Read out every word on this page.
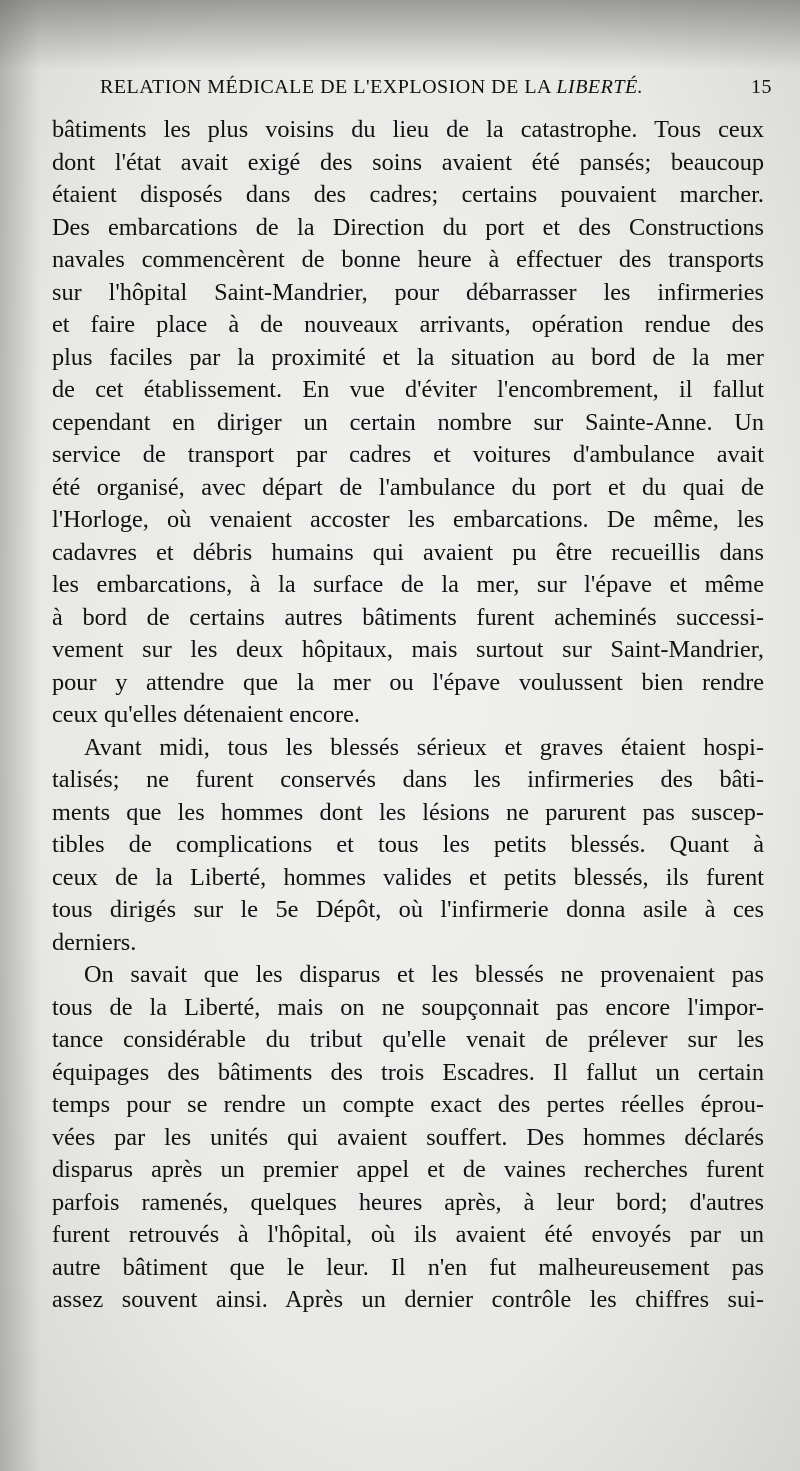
RELATION MÉDICALE DE L'EXPLOSION DE LA LIBERTÉ.	15
bâtiments les plus voisins du lieu de la catastrophe. Tous ceux
dont l'état avait exigé des soins avaient été pansés; beaucoup
étaient disposés dans des cadres; certains pouvaient marcher.
Des embarcations de la Direction du port et des Constructions
navales commencèrent de bonne heure à effectuer des transports
sur l'hôpital Saint-Mandrier, pour débarrasser les infirmeries
et faire place à de nouveaux arrivants, opération rendue des
plus faciles par la proximité et la situation au bord de la mer
de cet établissement. En vue d'éviter l'encombrement, il fallut
cependant en diriger un certain nombre sur Sainte-Anne. Un
service de transport par cadres et voitures d'ambulance avait
été organisé, avec départ de l'ambulance du port et du quai de
l'Horloge, où venaient accoster les embarcations. De même, les
cadavres et débris humains qui avaient pu être recueillis dans
les embarcations, à la surface de la mer, sur l'épave et même
à bord de certains autres bâtiments furent acheminés successi-
vement sur les deux hôpitaux, mais surtout sur Saint-Mandrier,
pour y attendre que la mer ou l'épave voulussent bien rendre
ceux qu'elles détenaient encore.
Avant midi, tous les blessés sérieux et graves étaient hospi-
talisés; ne furent conservés dans les infirmeries des bâti-
ments que les hommes dont les lésions ne parurent pas suscep-
tibles de complications et tous les petits blessés. Quant à
ceux de la Liberté, hommes valides et petits blessés, ils furent
tous dirigés sur le 5e Dépôt, où l'infirmerie donna asile à ces
derniers.
On savait que les disparus et les blessés ne provenaient pas
tous de la Liberté, mais on ne soupçonnait pas encore l'impor-
tance considérable du tribut qu'elle venait de prélever sur les
équipages des bâtiments des trois Escadres. Il fallut un certain
temps pour se rendre un compte exact des pertes réelles éprou-
vées par les unités qui avaient souffert. Des hommes déclarés
disparus après un premier appel et de vaines recherches furent
parfois ramenés, quelques heures après, à leur bord; d'autres
furent retrouvés à l'hôpital, où ils avaient été envoyés par un
autre bâtiment que le leur. Il n'en fut malheureusement pas
assez souvent ainsi. Après un dernier contrôle les chiffres sui-
